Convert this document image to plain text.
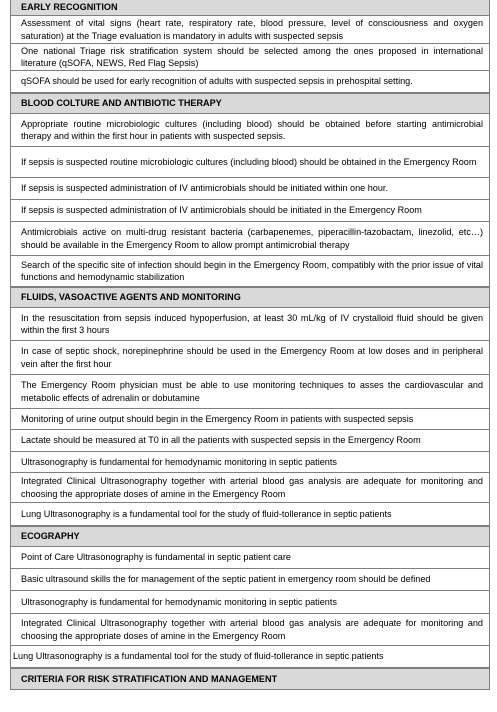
EARLY RECOGNITION
Assessment of vital signs (heart rate, respiratory rate, blood pressure, level of consciousness and oxygen saturation) at the Triage evaluation is mandatory in adults with suspected sepsis
One national Triage risk stratification system should be selected among the ones proposed in international literature (qSOFA, NEWS, Red Flag Sepsis)
qSOFA should be used for early recognition of adults with suspected sepsis in prehospital setting.
BLOOD COLTURE AND ANTIBIOTIC THERAPY
Appropriate routine microbiologic cultures (including blood) should be obtained before starting antimicrobial therapy and within the first hour in patients with suspected sepsis.
If sepsis is suspected routine microbiologic cultures (including blood) should be obtained in the Emergency Room
If sepsis is suspected administration of IV antimicrobials should be initiated within one hour.
If sepsis is suspected administration of IV antimicrobials should be initiated in the Emergency Room
Antimicrobials active on multi-drug resistant bacteria (carbapenemes, piperacillin-tazobactam, linezolid, etc…) should be available in the Emergency Room to allow prompt antimicrobial therapy
Search of the specific site of infection should begin in the Emergency Room, compatibly with the prior issue of vital functions and hemodynamic stabilization
FLUIDS, VASOACTIVE AGENTS AND MONITORING
In the resuscitation from sepsis induced hypoperfusion, at least 30 mL/kg of IV crystalloid fluid should be given within the first 3 hours
In case of septic shock, norepinephrine should be used in the Emergency Room at low doses and in peripheral vein after the first hour
The Emergency Room physician must be able to use monitoring techniques to asses the cardiovascular and metabolic effects of adrenalin or dobutamine
Monitoring of urine output should begin in the Emergency Room in patients with suspected sepsis
Lactate should be measured at T0 in all the patients with suspected sepsis in the Emergency Room
Ultrasonography is fundamental for hemodynamic monitoring in septic patients
Integrated Clinical Ultrasonography together with arterial blood gas analysis are adequate for monitoring and choosing the appropriate doses of amine in the Emergency Room
Lung Ultrasonography is a fundamental tool for the study of fluid-tollerance in septic patients
ECOGRAPHY
Point of Care Ultrasonography is fundamental in septic patient care
Basic ultrasound skills the for management of the septic patient in emergency room should be defined
Ultrasonography is fundamental for hemodynamic monitoring in septic patients
Integrated Clinical Ultrasonography together with arterial blood gas analysis are adequate for monitoring and choosing the appropriate doses of amine in the Emergency Room
Lung Ultrasonography is a fundamental tool for the study of fluid-tollerance in septic patients
CRITERIA FOR RISK STRATIFICATION AND MANAGEMENT
